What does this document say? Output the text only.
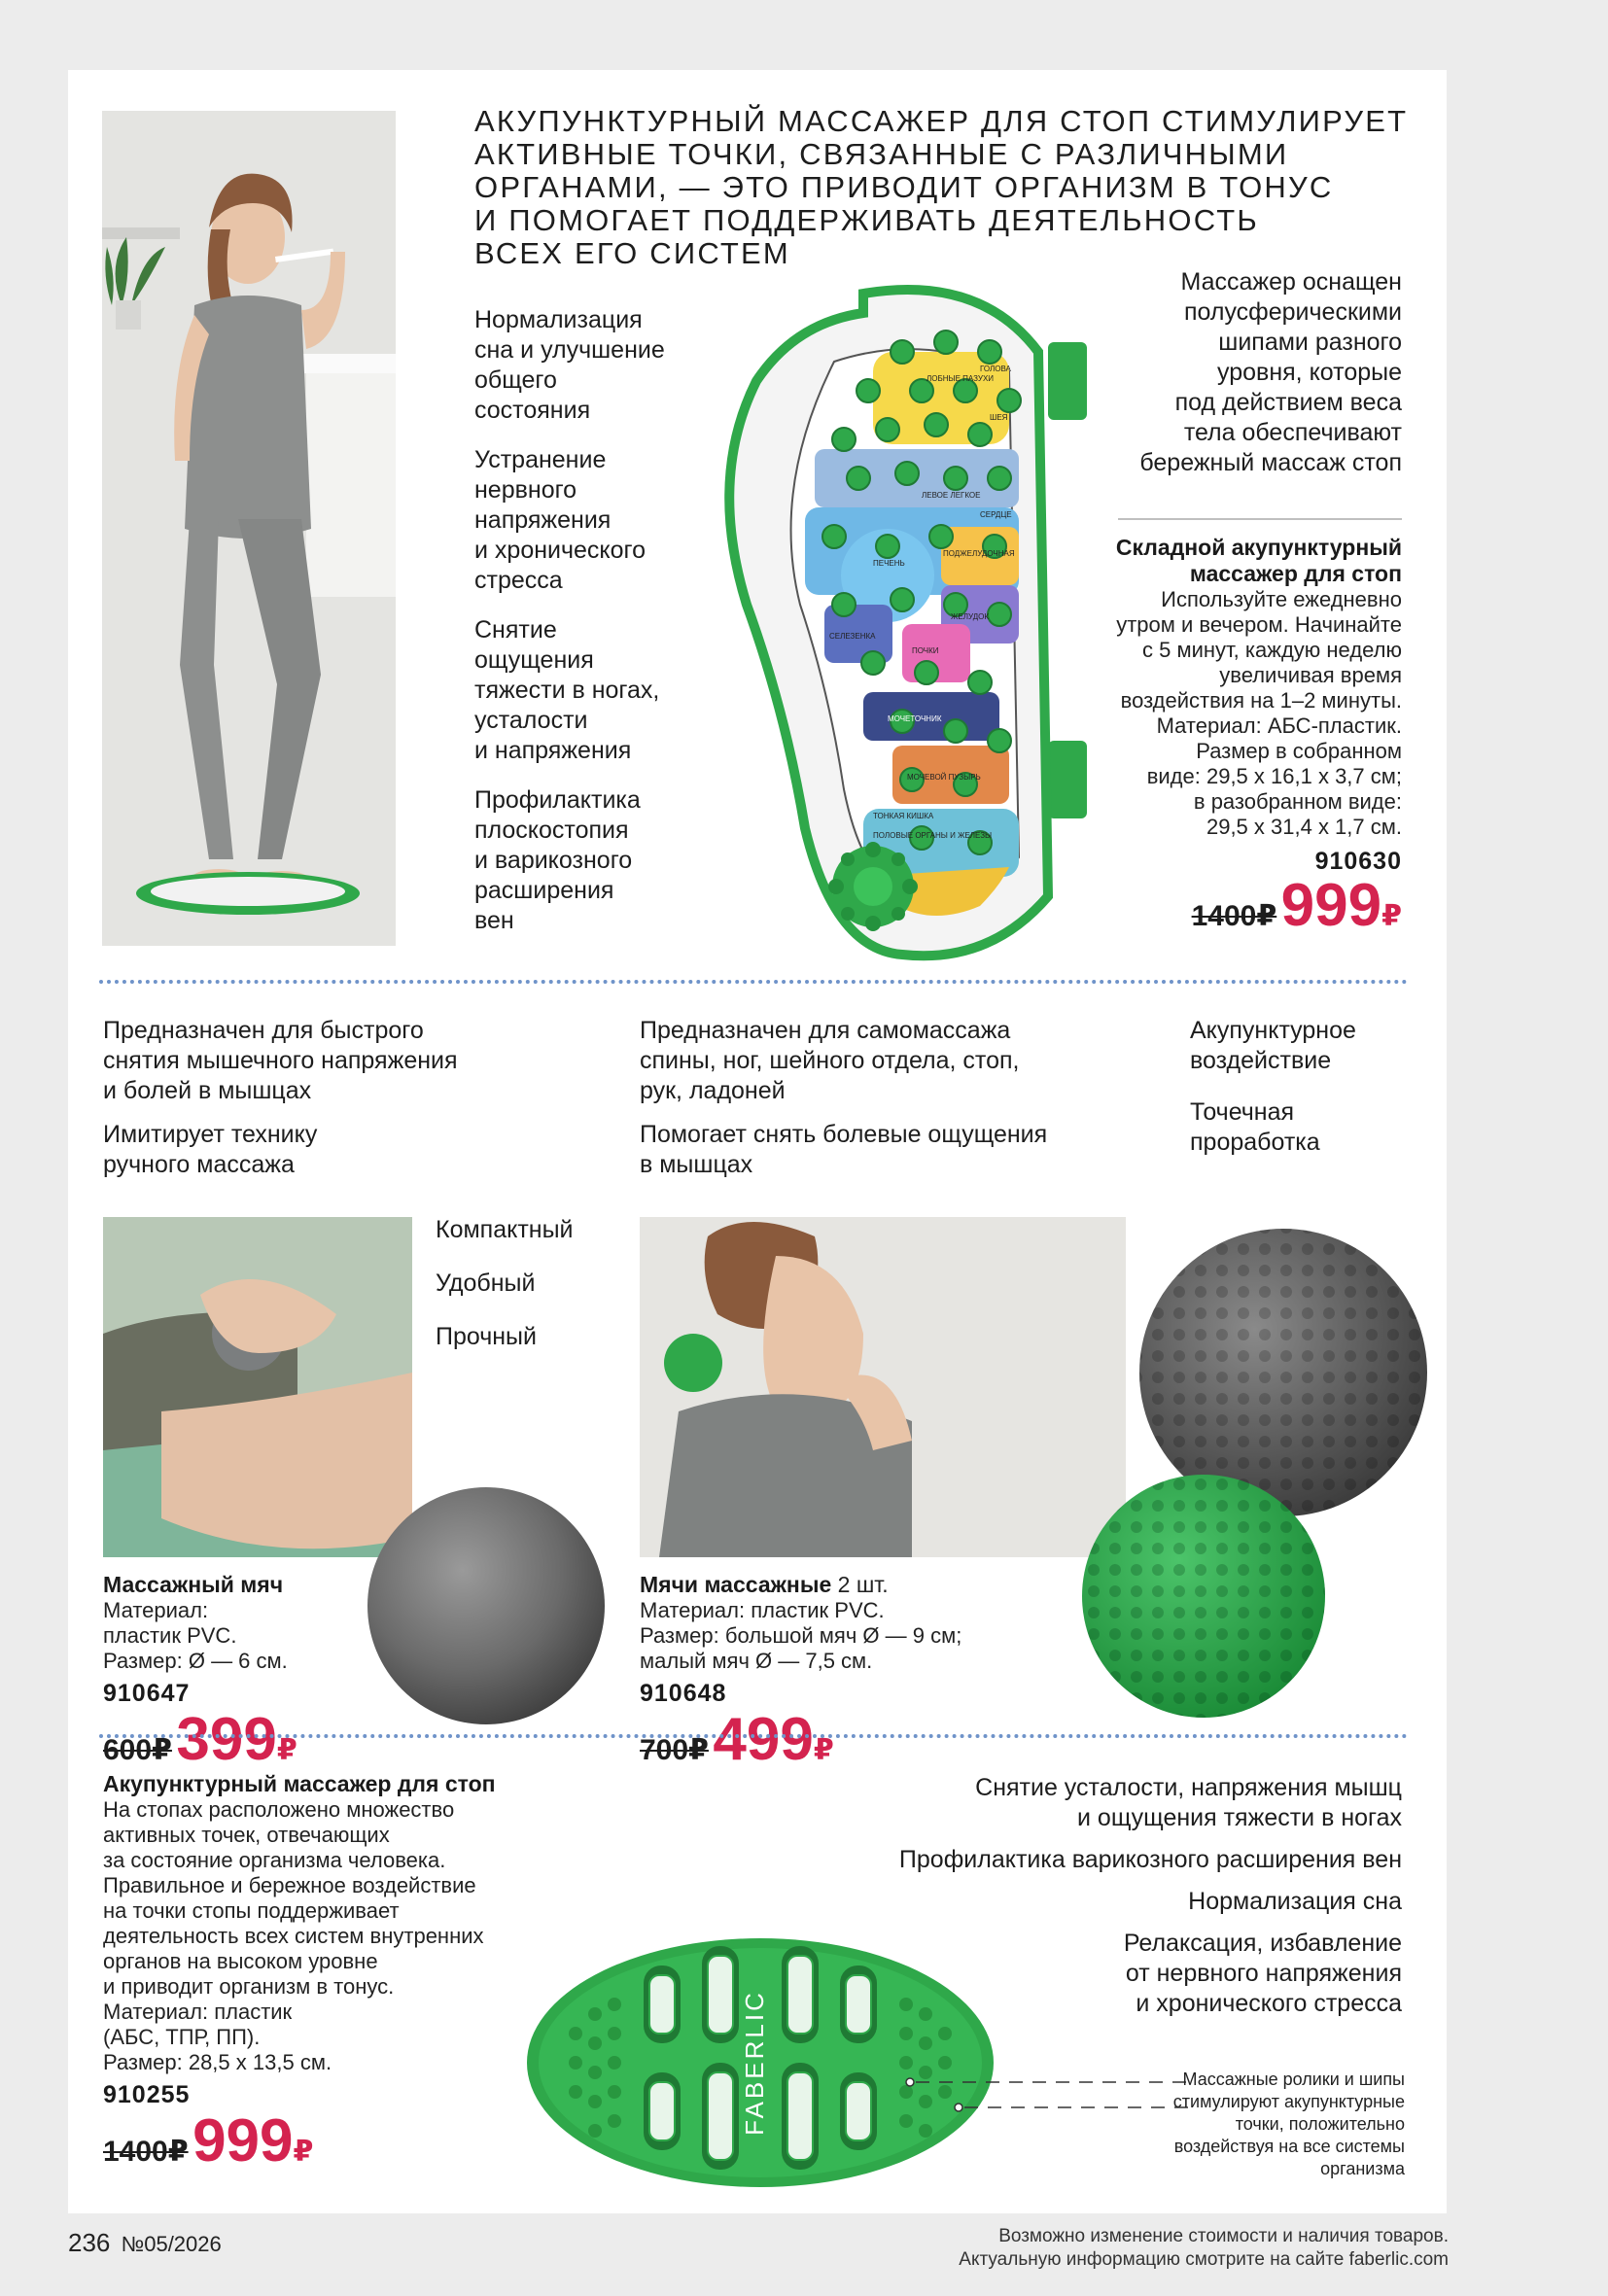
АКУПУНКТУРНЫЙ МАССАЖЕР ДЛЯ СТОП СТИМУЛИРУЕТ
АКТИВНЫЕ ТОЧКИ, СВЯЗАННЫЕ С РАЗЛИЧНЫМИ
ОРГАНАМИ, — ЭТО ПРИВОДИТ ОРГАНИЗМ В ТОНУС
И ПОМОГАЕТ ПОДДЕРЖИВАТЬ ДЕЯТЕЛЬНОСТЬ
ВСЕХ ЕГО СИСТЕМ
Нормализация
сна и улучшение
общего
состояния
Устранение
нервного
напряжения
и хронического
стресса
Снятие
ощущения
тяжести в ногах,
усталости
и напряжения
Профилактика
плоскостопия
и варикозного
расширения
вен
ЛОБНЫЕ ПАЗУХИ
ГОЛОВА
ШЕЯ
ЛЕВОЕ ЛЕГКОЕ
СЕРДЦЕ
ПЕЧЕНЬ
ПОДЖЕЛУДОЧНАЯ
ЖЕЛУДОК
ПОЧКИ
СЕЛЕЗЕНКА
МОЧЕТОЧНИК
МОЧЕВОЙ ПУЗЫРЬ
ПОЛОВЫЕ ОРГАНЫ И ЖЕЛЕЗЫ
ТОНКАЯ КИШКА
Массажер оснащен
полусферическими
шипами разного
уровня, которые
под действием веса
тела обеспечивают
бережный массаж стоп
Складной акупунктурный
массажер для стоп
Используйте ежедневно
утром и вечером. Начинайте
с 5 минут, каждую неделю
увеличивая время
воздействия на 1–2 минуты.
Материал: АБС-пластик.
Размер в собранном
виде: 29,5 х 16,1 х 3,7 см;
в разобранном виде:
29,5 х 31,4 х 1,7 см.
910630
1400₽ 999₽
Предназначен для быстрого
снятия мышечного напряжения
и болей в мышцах
Имитирует технику
ручного массажа
Предназначен для самомассажа
спины, ног, шейного отдела, стоп,
рук, ладоней
Помогает снять болевые ощущения
в мышцах
Акупунктурное
воздействие
Точечная
проработка
Компактный
Удобный
Прочный
Массажный мяч
Материал:
пластик PVC.
Размер: Ø — 6 см.
910647
600₽ 399₽
Мячи массажные 2 шт.
Материал: пластик PVC.
Размер: большой мяч Ø — 9 см;
малый мяч Ø — 7,5 см.
910648
700₽ 499₽
Акупунктурный массажер для стоп
На стопах расположено множество
активных точек, отвечающих
за состояние организма человека.
Правильное и бережное воздействие
на точки стопы поддерживает
деятельность всех систем внутренних
органов на высоком уровне
и приводит организм в тонус.
Материал: пластик
(АБС, ТПР, ПП).
Размер: 28,5 х 13,5 см.
910255
1400₽ 999₽
Снятие усталости, напряжения мышц
и ощущения тяжести в ногах
Профилактика варикозного расширения вен
Нормализация сна
Релаксация, избавление
от нервного напряжения
и хронического стресса
FABERLIC	Массажные ролики и шипы
стимулируют акупунктурные
точки, положительно
воздействуя на все системы
организма
236 №05/2026	Возможно изменение стоимости и наличия товаров.
Актуальную информацию смотрите на сайте faberlic.com
